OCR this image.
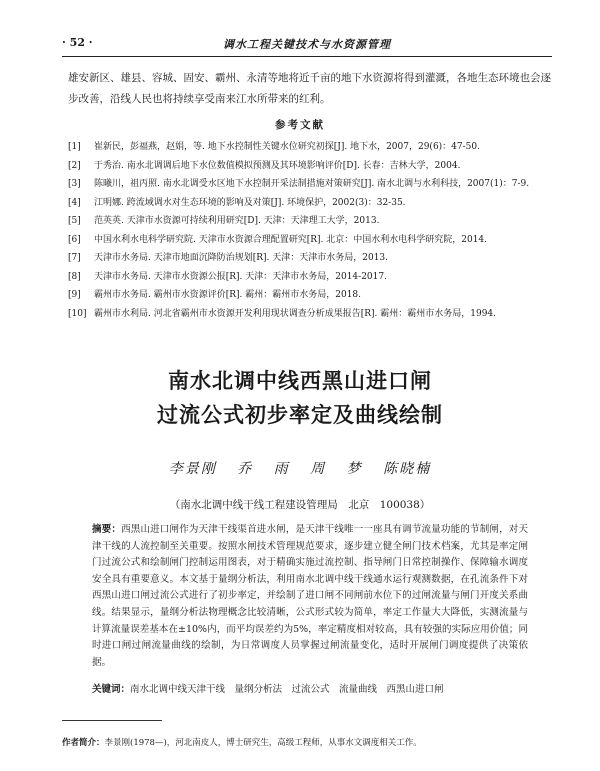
· 52 ·	调水工程关键技术与水资源管理

雄安新区、雄县、容城、固安、霸州、永清等地将近千亩的地下水资源将得到灌溉，各地生态环境也会逐步改善，沿线人民也将持续享受南来江水所带来的红利。

参考文献
[1] 崔新民，彭福燕，赵娟，等. 地下水控制性关键水位研究初探[J]. 地下水，2007，29(6)：47-50.
[2] 于秀治. 南水北调调后地下水位数值模拟预测及其环境影响评价[D]. 长春：吉林大学，2004.
[3] 陈曦川，祖丙照. 南水北调受水区地下水控制开采法制措施对策研究[J]. 南水北调与水利科技，2007(1)：7-9.
[4] 江明娜. 跨流域调水对生态环境的影响及对策[J]. 环境保护，2002(3)：32-35.
[5] 范英英. 天津市水资源可持续利用研究[D]. 天津：天津理工大学，2013.
[6] 中国水利水电科学研究院. 天津市水资源合理配置研究[R]. 北京：中国水利水电科学研究院，2014.
[7] 天津市水务局. 天津市地面沉降防治规划[R]. 天津：天津市水务局，2013.
[8] 天津市水务局. 天津市水资源公报[R]. 天津：天津市水务局，2014-2017.
[9] 霸州市水务局. 霸州市水资源评价[R]. 霸州：霸州市水务局，2018.
[10] 霸州市水利局. 河北省霸州市水资源开发利用现状调查分析成果报告[R]. 霸州：霸州市水务局，1994.
南水北调中线西黑山进口闸
过流公式初步率定及曲线绘制
李景刚 乔 雨 周 梦 陈晓楠
（南水北调中线干线工程建设管理局　北京　100038）

摘要：西黑山进口闸作为天津干线渠首进水闸，是天津干线唯一一座具有调节流量功能的节制闸，对天津干线的人流控制至关重要。按照水闸技术管理规范要求，逐步建立健全闸门技术档案，尤其是率定闸门过流公式和绘制闸门控制运用图表，对于精确实施过流控制、指导闸门日常控制操作、保障输水调度安全具有重要意义。本文基于量纲分析法，利用南水北调中线干线通水运行观测数据，在孔流条件下对西黑山进口闸过流公式进行了初步率定，并绘制了进口闸不同闸前水位下的过闸流量与闸门开度关系曲线。结果显示，量纲分析法物理概念比较清晰，公式形式较为简单，率定工作量大大降低，实测流量与计算流量误差基本在±10%内，而平均误差约为5%，率定精度相对较高，具有较强的实际应用价值；同时进口闸过闸流量曲线的绘制，为日常调度人员掌握过闸流量变化，适时开展闸门调度提供了决策依据。

关键词：南水北调中线天津干线　量纲分析法　过流公式　流量曲线　西黑山进口闸

作者简介：李景刚(1978—)，河北南皮人，博士研究生，高级工程师，从事水文调度相关工作。
